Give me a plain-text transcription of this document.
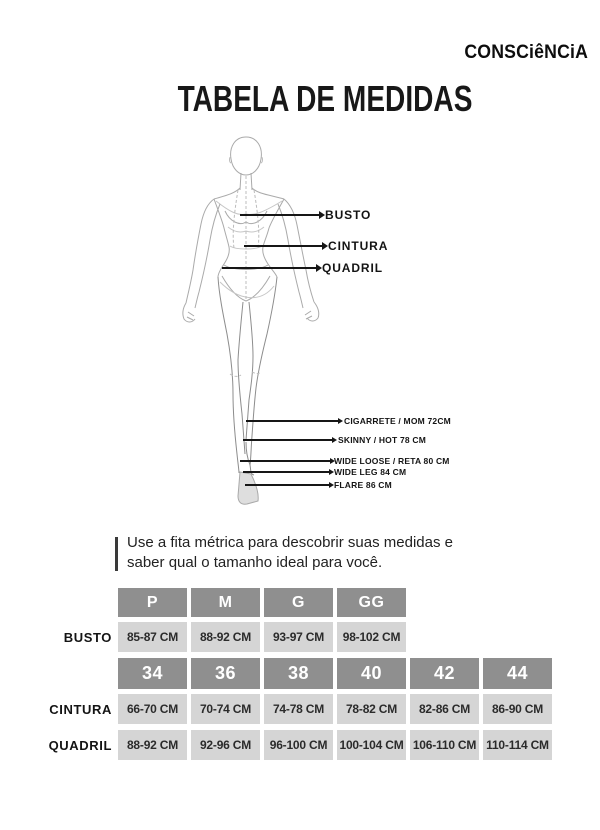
CONSCiêNCiA
TABELA DE MEDIDAS
BUSTO
CINTURA
QUADRIL
CIGARRETE / MOM 72CM
SKINNY / HOT 78 CM
WIDE LOOSE / RETA 80 CM
WIDE LEG 84 CM
FLARE 86 CM
Use a fita métrica para descobrir suas medidas e
saber qual o tamanho ideal para você.
P	M	G	GG
BUSTO	85-87 CM	88-92 CM	93-97 CM	98-102 CM
34	36	38	40	42	44
CINTURA	66-70 CM	70-74 CM	74-78 CM	78-82 CM	82-86 CM	86-90 CM
QUADRIL	88-92 CM	92-96 CM	96-100 CM	100-104 CM 106-110 CM 110-114 CM
